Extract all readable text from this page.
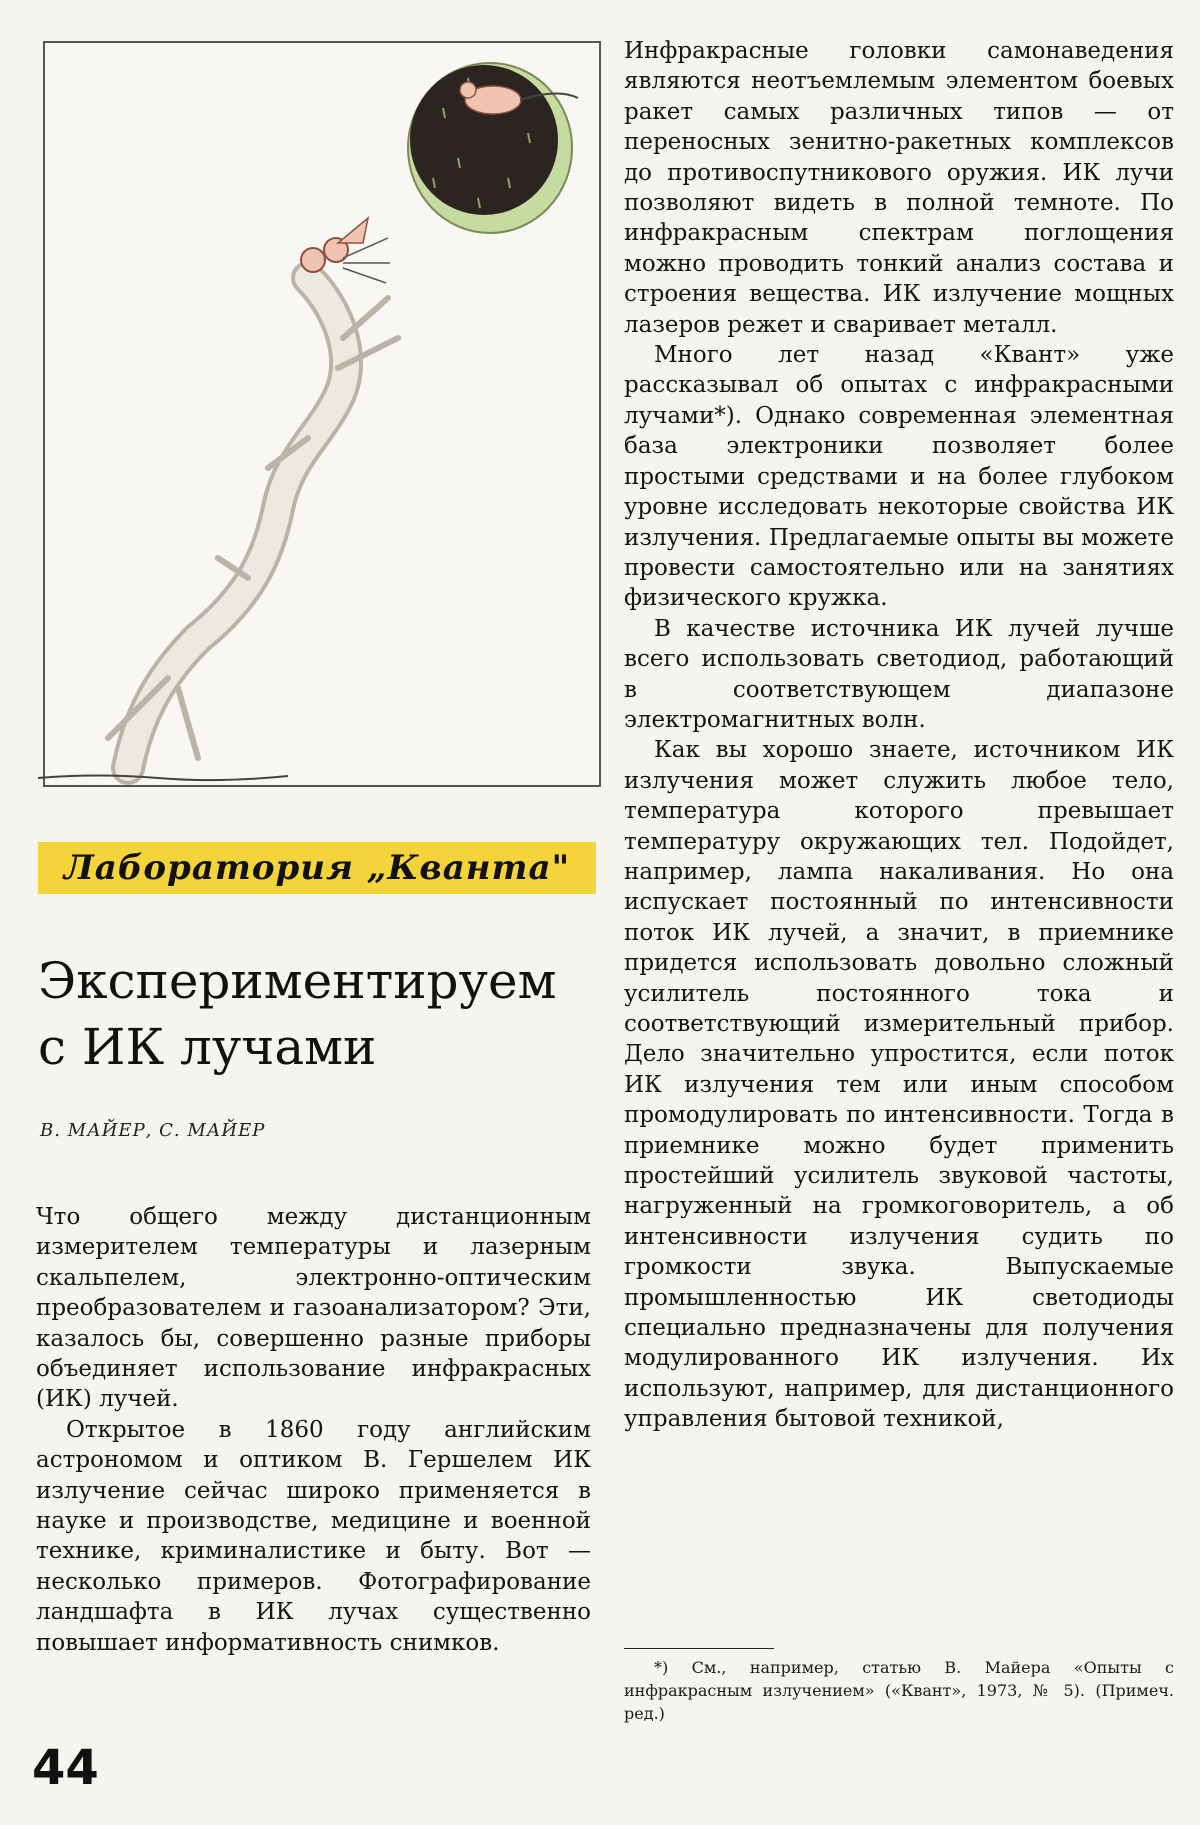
Лаборатория „Кванта"
Экспериментируем
с ИК лучами
В. МАЙЕР, С. МАЙЕР

Что общего между дистанционным измерителем температуры и лазерным скальпелем, электронно-оптическим преобразователем и газоанализатором? Эти, казалось бы, совершенно разные приборы объединяет использование инфракрасных (ИК) лучей.

Открытое в 1860 году английским астрономом и оптиком В. Гершелем ИК излучение сейчас широко применяется в науке и производстве, медицине и военной технике, криминалистике и быту. Вот — несколько примеров. Фотографирование ландшафта в ИК лучах существенно повышает информативность снимков.

Инфракрасные головки самонаведения являются неотъемлемым элементом боевых ракет самых различных типов — от переносных зенитно-ракетных комплексов до противоспутникового оружия. ИК лучи позволяют видеть в полной темноте. По инфракрасным спектрам поглощения можно проводить тонкий анализ состава и строения вещества. ИК излучение мощных лазеров режет и сваривает металл.

Много лет назад «Квант» уже рассказывал об опытах с инфракрасными лучами*). Однако современная элементная база электроники позволяет более простыми средствами и на более глубоком уровне исследовать некоторые свойства ИК излучения. Предлагаемые опыты вы можете провести самостоятельно или на занятиях физического кружка.

В качестве источника ИК лучей лучше всего использовать светодиод, работающий в соответствующем диапазоне электромагнитных волн.

Как вы хорошо знаете, источником ИК излучения может служить любое тело, температура которого превышает температуру окружающих тел. Подойдет, например, лампа накаливания. Но она испускает постоянный по интенсивности поток ИК лучей, а значит, в приемнике придется использовать довольно сложный усилитель постоянного тока и соответствующий измерительный прибор. Дело значительно упростится, если поток ИК излучения тем или иным способом промодулировать по интенсивности. Тогда в приемнике можно будет применить простейший усилитель звуковой частоты, нагруженный на громкоговоритель, а об интенсивности излучения судить по громкости звука. Выпускаемые промышленностью ИК светодиоды специально предназначены для получения модулированного ИК излучения. Их используют, например, для дистанционного управления бытовой техникой,

*) См., например, статью В. Майера «Опыты с инфракрасным излучением» («Квант», 1973, № 5). (Примеч. ред.)

44
